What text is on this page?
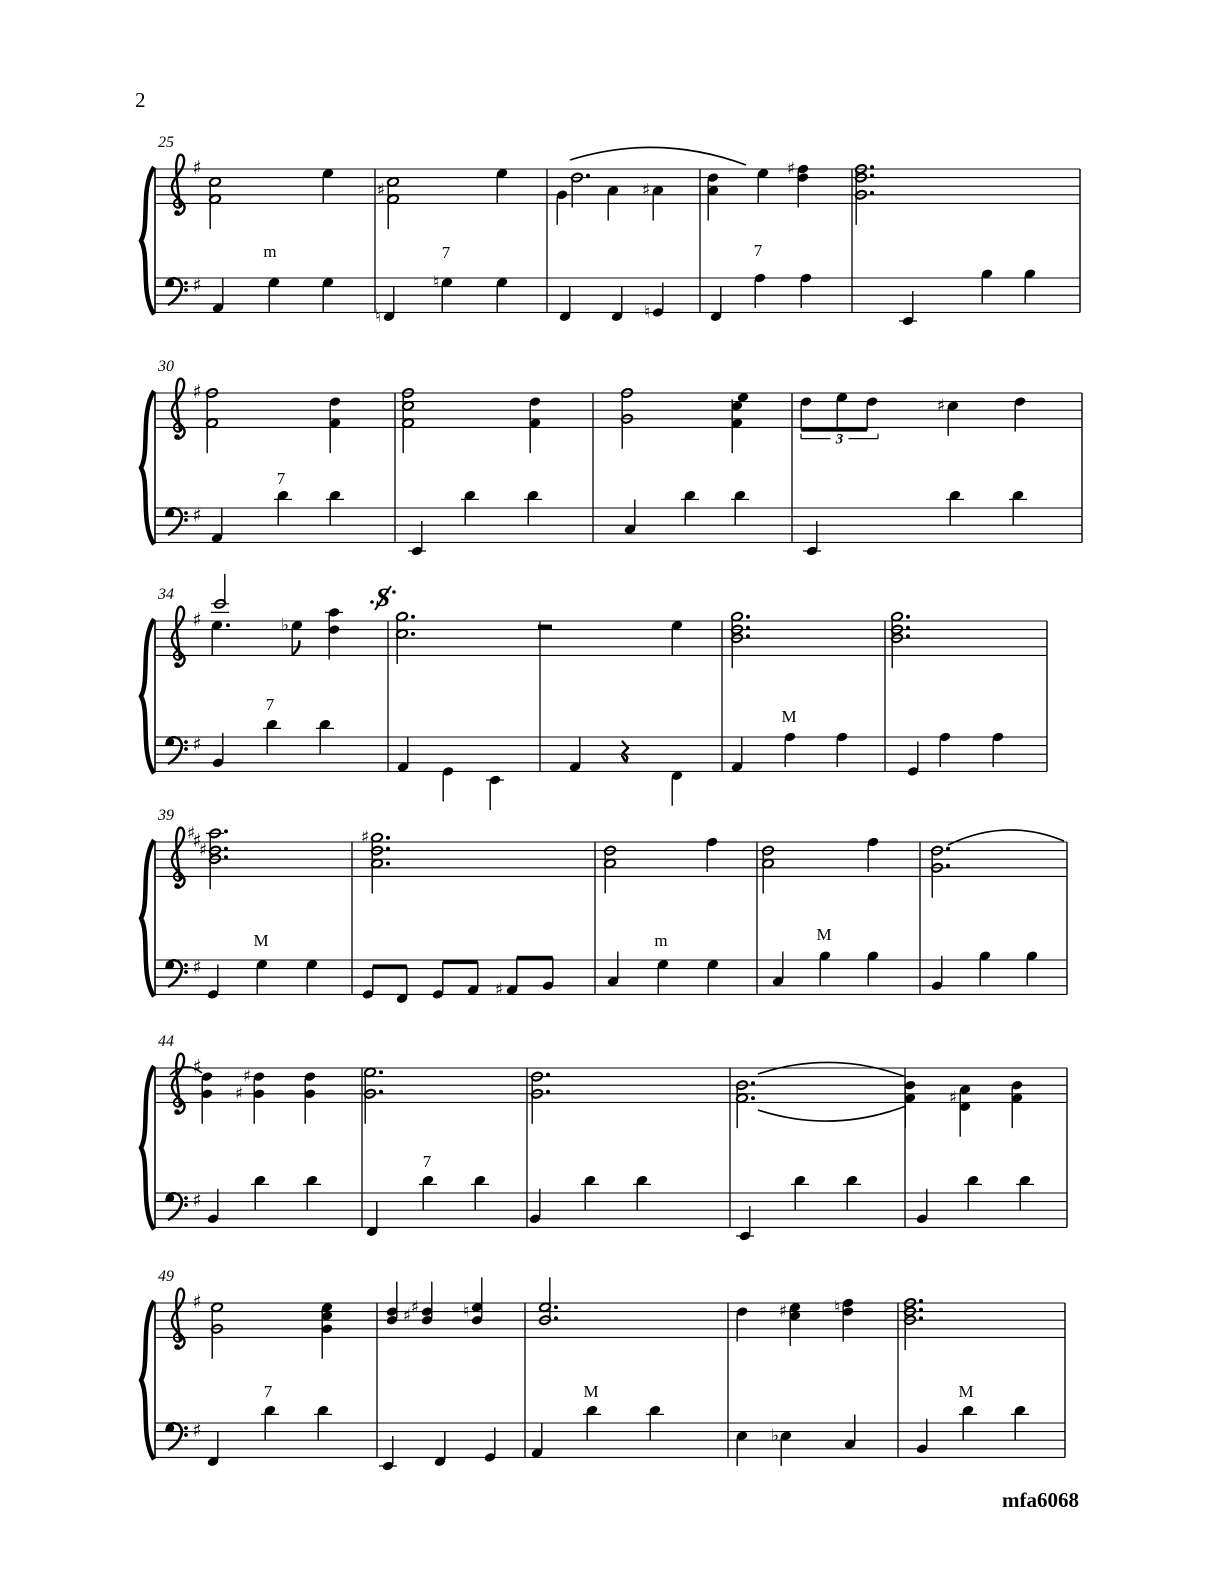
2
♯
♯
25
♯	♯
♯
♮
♮
♮
m	7	7
♯
♯
30
3
♯
7
♯
♯
34
♭
7
M
S
♯
♯
39
♯
♯
♯
♯
M	m	M
♯
♯
44
♯
♯	♯
7
♯
♯
49
♯
♯	♮	♯	♮
♭
7	M	M
mfa6068
